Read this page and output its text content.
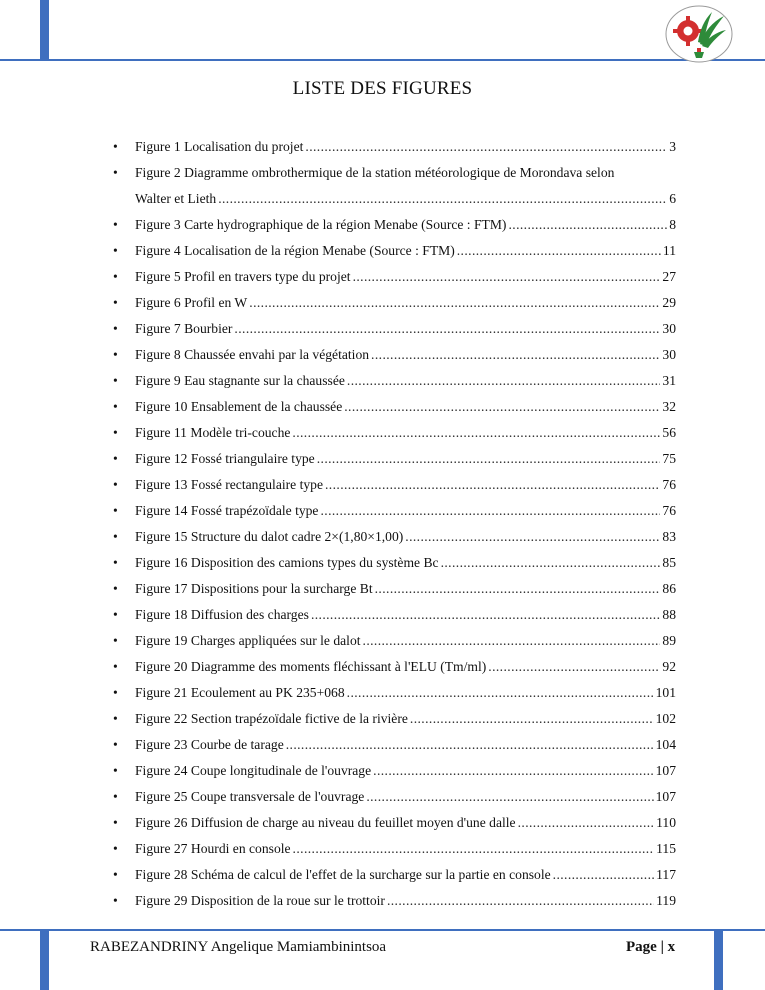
LISTE DES FIGURES
•	Figure 1 Localisation du projet .....	3
•	Figure 2 Diagramme ombrothermique de la station météorologique de Morondava selon
Walter et Lieth .....	6
•	Figure 3 Carte hydrographique de la région Menabe (Source : FTM) .....	8
•	Figure 4 Localisation de la région Menabe (Source : FTM) .....	11
•	Figure 5 Profil en travers type du projet .....	27
•	Figure 6 Profil en W .....	29
•	Figure 7 Bourbier .....	30
•	Figure 8 Chaussée envahi par la végétation .....	30
•	Figure 9 Eau stagnante sur la chaussée .....	31
•	Figure 10 Ensablement de la chaussée .....	32
•	Figure 11 Modèle tri-couche .....	56
•	Figure 12 Fossé triangulaire type .....	75
•	Figure 13 Fossé rectangulaire type .....	76
•	Figure 14 Fossé trapézoïdale type .....	76
•	Figure 15 Structure du dalot cadre 2×(1,80×1,00) .....	83
•	Figure 16 Disposition des camions types du système Bc .....	85
•	Figure 17 Dispositions pour la surcharge Bt .....	86
•	Figure 18 Diffusion des charges .....	88
•	Figure 19 Charges appliquées sur le dalot .....	89
•	Figure 20 Diagramme des moments fléchissant à l'ELU (Tm/ml) .....	92
•	Figure 21 Ecoulement au PK 235+068 .....	101
•	Figure 22 Section trapézoïdale fictive de la rivière .....	102
•	Figure 23 Courbe de tarage .....	104
•	Figure 24 Coupe longitudinale de l'ouvrage .....	107
•	Figure 25 Coupe transversale de l'ouvrage .....	107
•	Figure 26 Diffusion de charge au niveau du feuillet moyen d'une dalle .....	110
•	Figure 27 Hourdi en console .....	115
•	Figure 28 Schéma de calcul de l'effet de la surcharge sur la partie en console .....	117
•	Figure 29 Disposition de la roue sur le trottoir .....	119
RABEZANDRINY Angelique Mamiambinintsoa	Page | x
